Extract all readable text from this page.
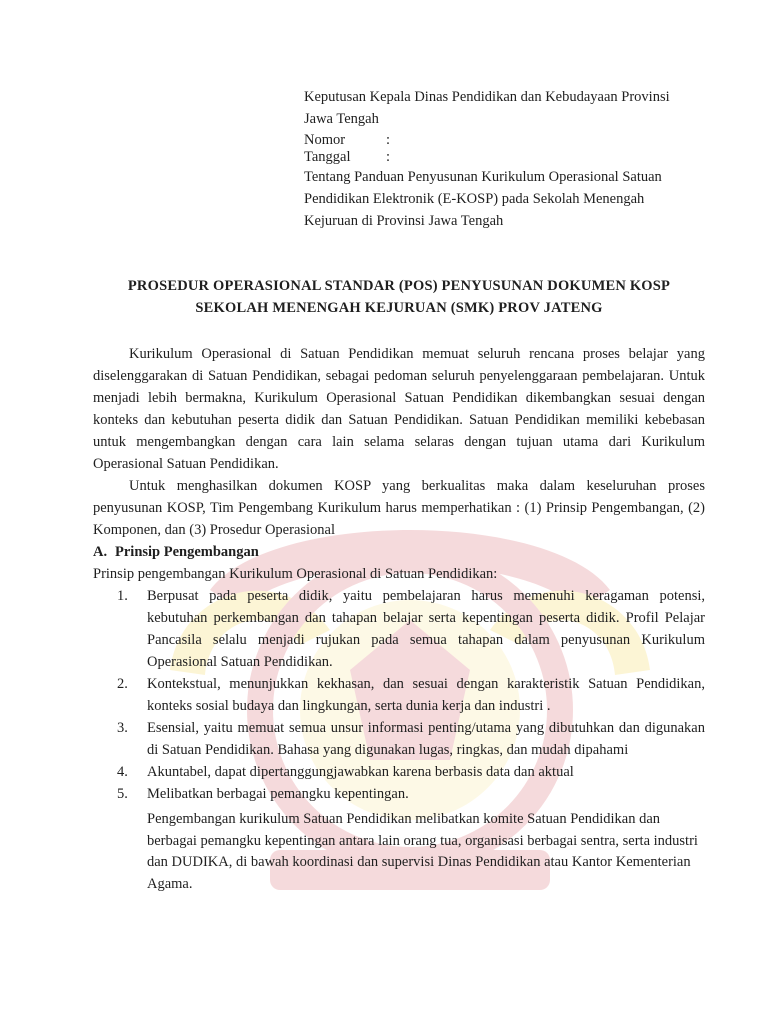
Keputusan Kepala Dinas Pendidikan dan Kebudayaan Provinsi
Jawa Tengah
Nomor	:
Tanggal	:
Tentang Panduan Penyusunan Kurikulum Operasional Satuan
Pendidikan Elektronik (E-KOSP) pada Sekolah Menengah
Kejuruan di Provinsi Jawa Tengah
PROSEDUR OPERASIONAL STANDAR (POS) PENYUSUNAN DOKUMEN KOSP
SEKOLAH MENENGAH KEJURUAN (SMK) PROV JATENG

Kurikulum Operasional di Satuan Pendidikan memuat seluruh rencana proses belajar yang diselenggarakan di Satuan Pendidikan, sebagai pedoman seluruh penyelenggaraan pembelajaran. Untuk menjadi lebih bermakna, Kurikulum Operasional Satuan Pendidikan dikembangkan sesuai dengan konteks dan kebutuhan peserta didik dan Satuan Pendidikan. Satuan Pendidikan memiliki kebebasan untuk mengembangkan dengan cara lain selama selaras dengan tujuan utama dari Kurikulum Operasional Satuan Pendidikan.

Untuk menghasilkan dokumen KOSP yang berkualitas maka dalam keseluruhan proses penyusunan KOSP, Tim Pengembang Kurikulum harus memperhatikan : (1) Prinsip Pengembangan, (2) Komponen, dan (3) Prosedur Operasional

A. Prinsip Pengembangan

Prinsip pengembangan Kurikulum Operasional di Satuan Pendidikan:

1.	Berpusat pada peserta didik, yaitu pembelajaran harus memenuhi keragaman potensi, kebutuhan perkembangan dan tahapan belajar serta kepentingan peserta didik. Profil Pelajar Pancasila selalu menjadi rujukan pada semua tahapan dalam penyusunan Kurikulum Operasional Satuan Pendidikan.
2.	Kontekstual, menunjukkan kekhasan, dan sesuai dengan karakteristik Satuan Pendidikan, konteks sosial budaya dan lingkungan, serta dunia kerja dan industri .
3.	Esensial, yaitu memuat semua unsur informasi penting/utama yang dibutuhkan dan digunakan di Satuan Pendidikan. Bahasa yang digunakan lugas, ringkas, dan mudah dipahami
4.	Akuntabel, dapat dipertanggungjawabkan karena berbasis data dan aktual
5.	Melibatkan berbagai pemangku kepentingan.

Pengembangan kurikulum Satuan Pendidikan melibatkan komite Satuan Pendidikan dan berbagai pemangku kepentingan antara lain orang tua, organisasi berbagai sentra, serta industri dan DUDIKA, di bawah koordinasi dan supervisi Dinas Pendidikan atau Kantor Kementerian Agama.
